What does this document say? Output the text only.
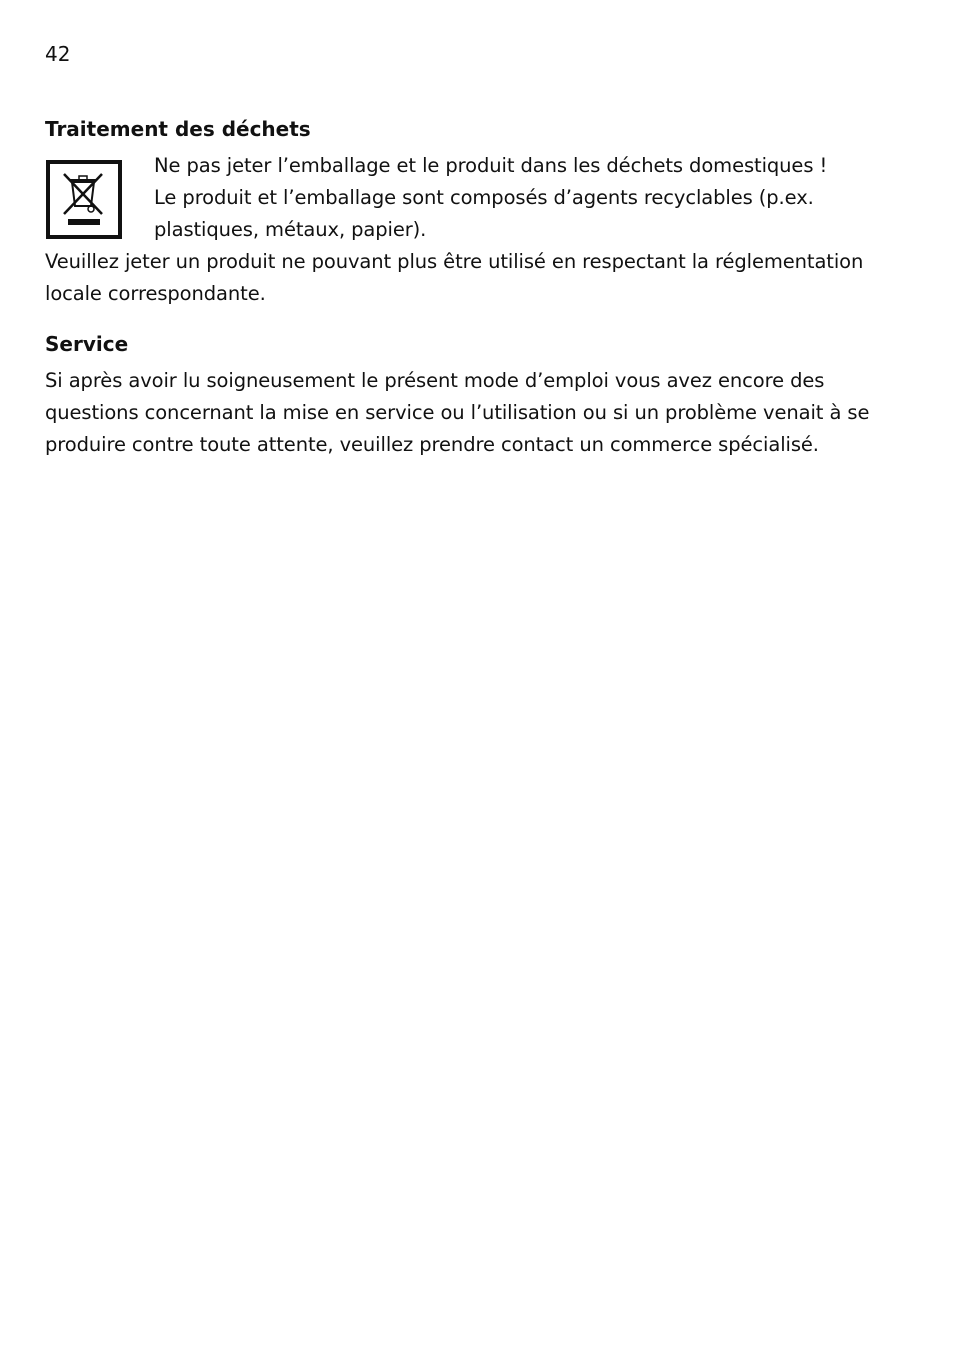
42
Traitement des déchets

Ne pas jeter l’emballage et le produit dans les déchets domestiques !
Le produit et l’emballage sont composés d’agents recyclables (p.ex.
plastiques, métaux, papier).

Veuillez jeter un produit ne pouvant plus être utilisé en respectant la réglementation
locale correspondante.

Service

Si après avoir lu soigneusement le présent mode d’emploi vous avez encore des
questions concernant la mise en service ou l’utilisation ou si un problème venait à se
produire contre toute attente, veuillez prendre contact un commerce spécialisé.
